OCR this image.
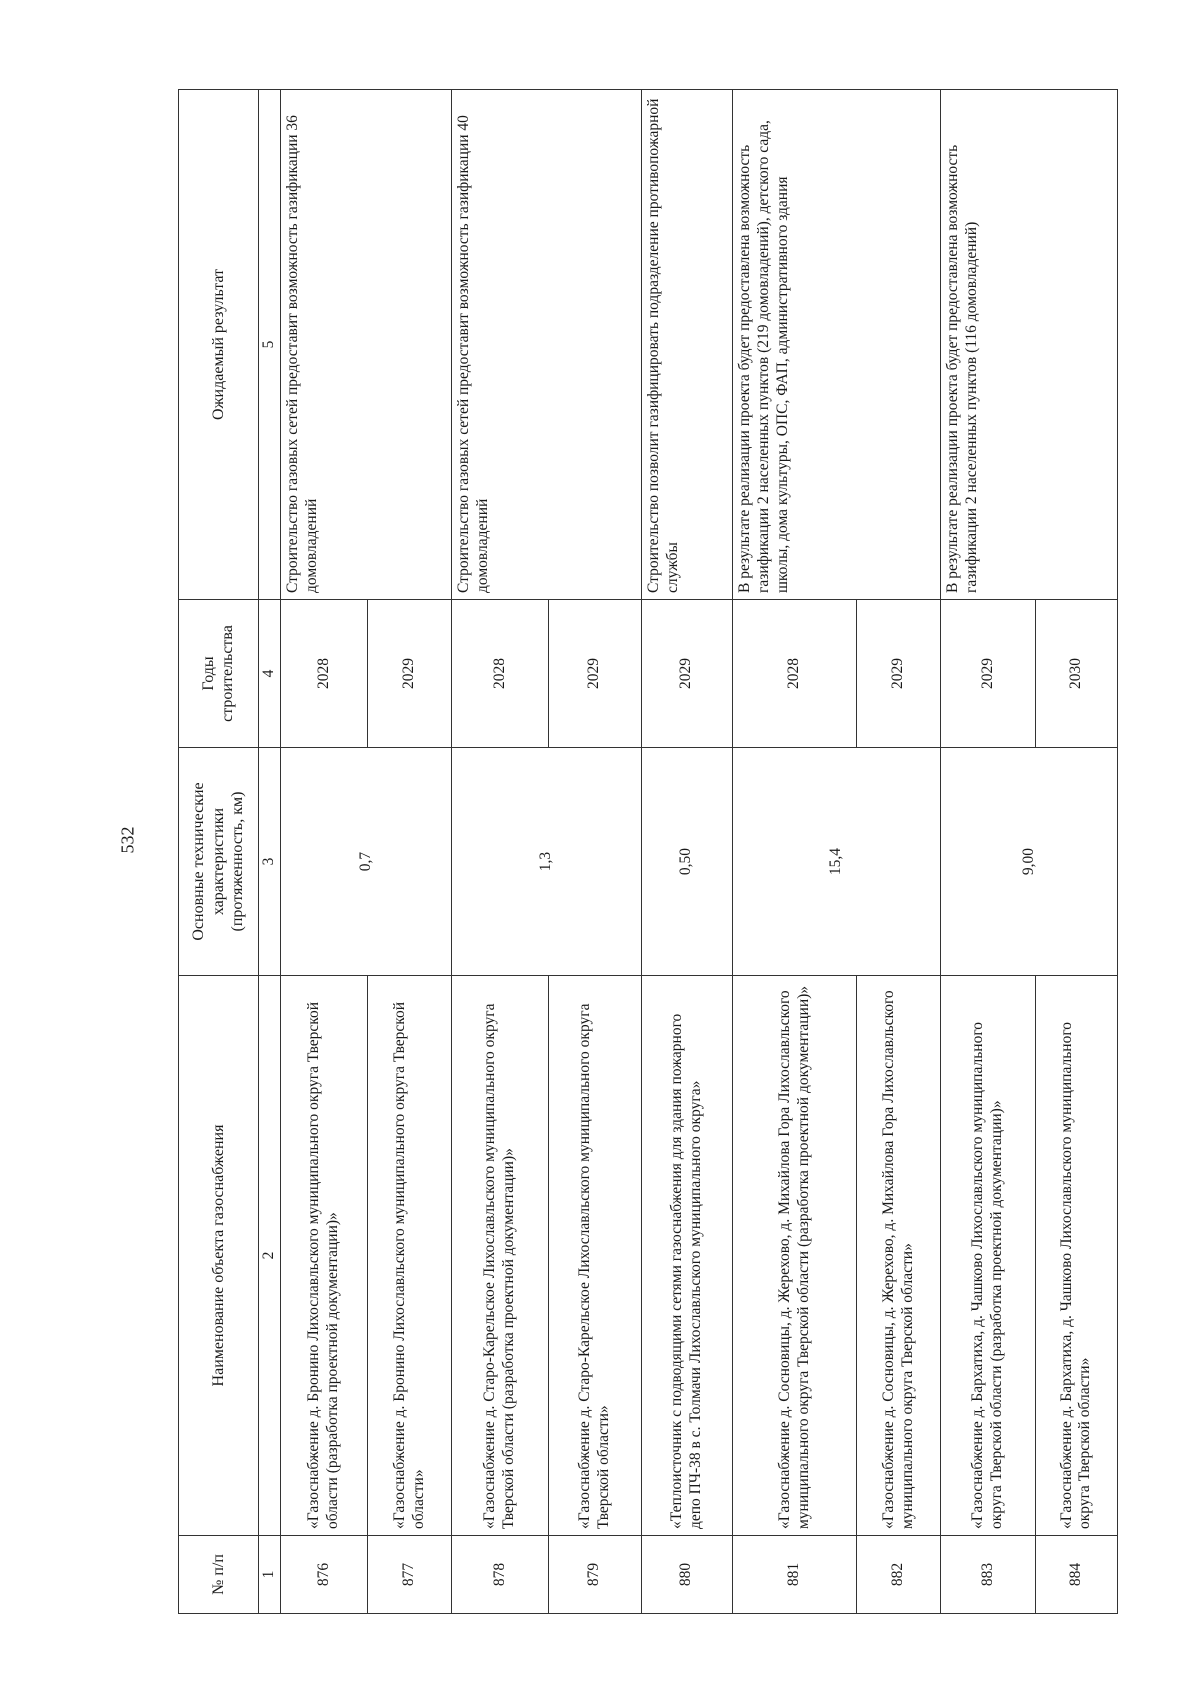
532
№ п/п	Наименование объекта газоснабжения	Основные технические характеристики (протяженность, км)	Годы строительства	Ожидаемый результат
1	2	3	4	5
876	«Газоснабжение д. Бронино Лихославльского муниципального округа Тверской области (разработка проектной документации)»	0,7	2028	Строительство газовых сетей предоставит возможность газификации 36 домовладений
877	«Газоснабжение д. Бронино Лихославльского муниципального округа Тверской области»		2029	
878	«Газоснабжение д. Старо-Карельское Лихославльского муниципального округа Тверской области (разработка проектной документации)»	1,3	2028	Строительство газовых сетей предоставит возможность газификации 40 домовладений
879	«Газоснабжение д. Старо-Карельское Лихославльского муниципального округа Тверской области»		2029	
880	«Теплоисточник с подводящими сетями газоснабжения для здания пожарного депо ПЧ-38 в с. Толмачи Лихославльского муниципального округа»	0,50	2029	Строительство позволит газифицировать подразделение противопожарной службы
881	«Газоснабжение д. Сосновицы, д. Жерехово, д. Михайлова Гора Лихославльского муниципального округа Тверской области (разработка проектной документации)»	15,4	2028	В результате реализации проекта будет предоставлена возможность газификации 2 населенных пунктов (219 домовладений), детского сада, школы, дома культуры, ОПС, ФАП, административного здания
882	«Газоснабжение д. Сосновицы, д. Жерехово, д. Михайлова Гора Лихославльского муниципального округа Тверской области»		2029	
883	«Газоснабжение д. Бархатиха, д. Чашково Лихославльского муниципального округа Тверской области (разработка проектной документации)»	9,00	2029	В результате реализации проекта будет предоставлена возможность газификации 2 населенных пунктов (116 домовладений)
884	«Газоснабжение д. Бархатиха, д. Чашково Лихославльского муниципального округа Тверской области»		2030	
